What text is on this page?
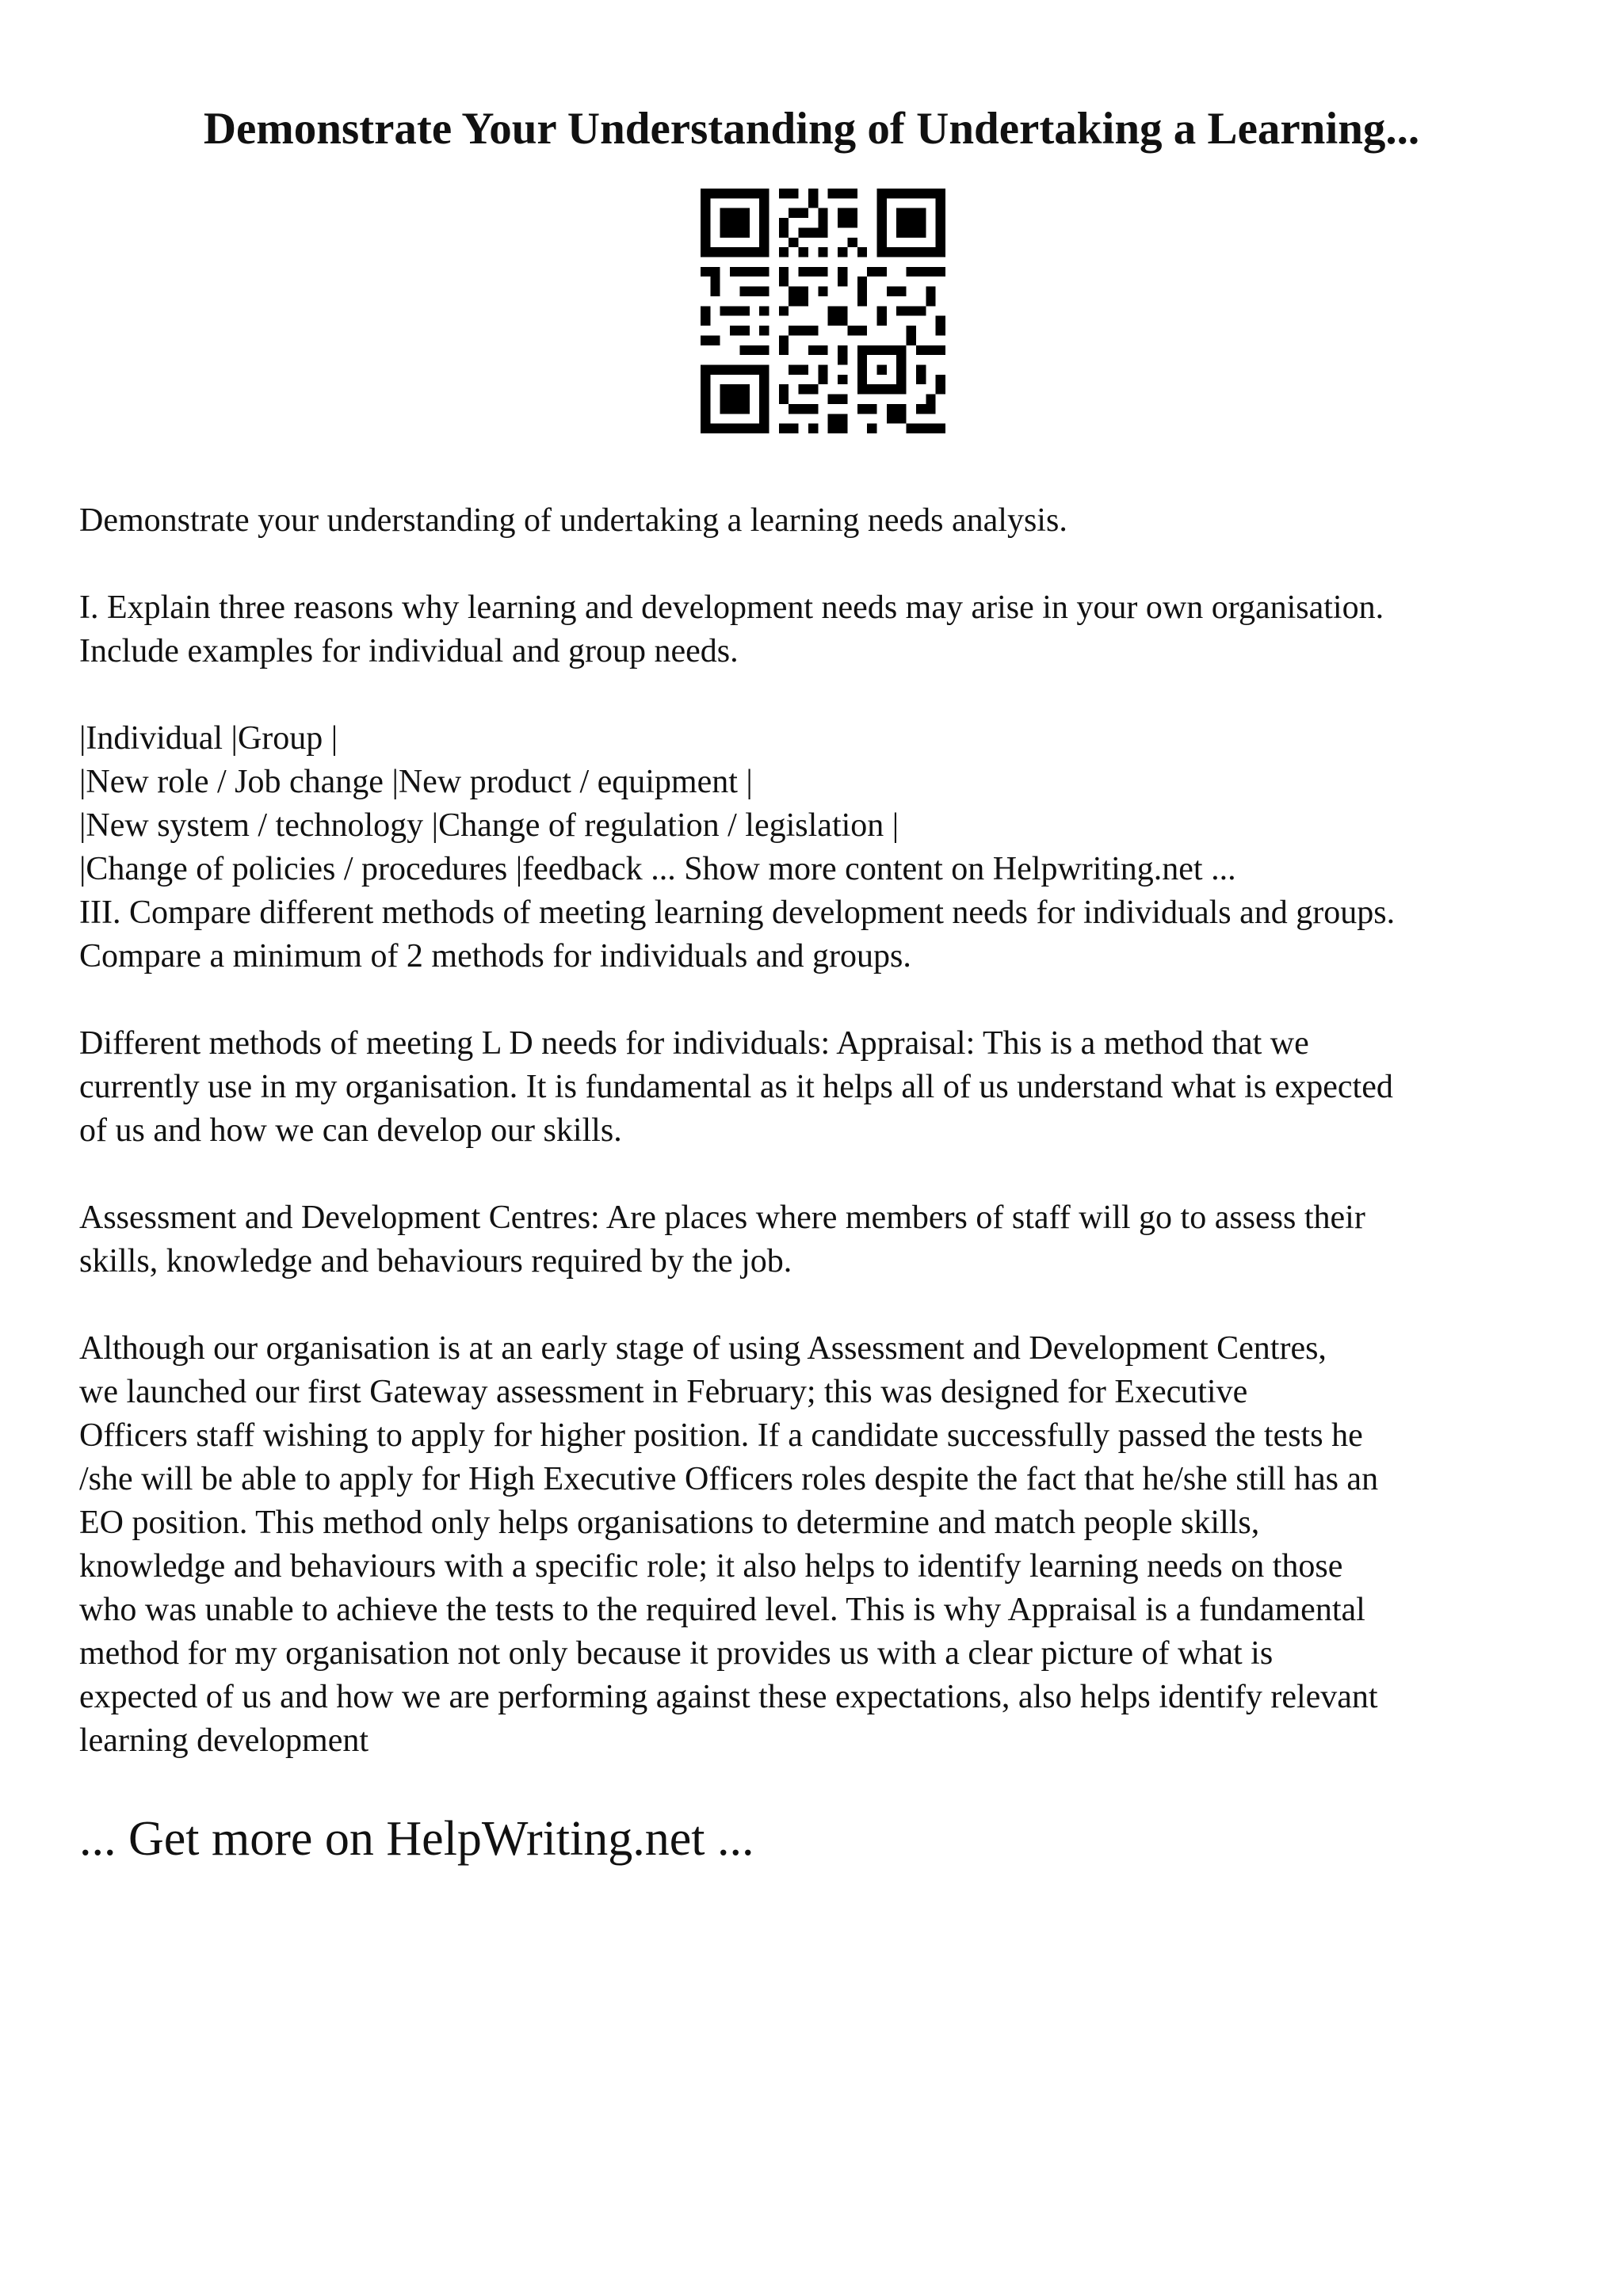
Demonstrate Your Understanding of Undertaking a Learning...

Demonstrate your understanding of undertaking a learning needs analysis.

I. Explain three reasons why learning and development needs may arise in your own organisation.
Include examples for individual and group needs.

|Individual |Group |
|New role / Job change |New product / equipment |
|New system / technology |Change of regulation / legislation |
|Change of policies / procedures |feedback ... Show more content on Helpwriting.net ...
III. Compare different methods of meeting learning development needs for individuals and groups.
Compare a minimum of 2 methods for individuals and groups.

Different methods of meeting L D needs for individuals: Appraisal: This is a method that we
currently use in my organisation. It is fundamental as it helps all of us understand what is expected
of us and how we can develop our skills.

Assessment and Development Centres: Are places where members of staff will go to assess their
skills, knowledge and behaviours required by the job.

Although our organisation is at an early stage of using Assessment and Development Centres,
we launched our first Gateway assessment in February; this was designed for Executive
Officers staff wishing to apply for higher position. If a candidate successfully passed the tests he
/she will be able to apply for High Executive Officers roles despite the fact that he/she still has an
EO position. This method only helps organisations to determine and match people skills,
knowledge and behaviours with a specific role; it also helps to identify learning needs on those
who was unable to achieve the tests to the required level. This is why Appraisal is a fundamental
method for my organisation not only because it provides us with a clear picture of what is
expected of us and how we are performing against these expectations, also helps identify relevant
learning development

... Get more on HelpWriting.net ...
